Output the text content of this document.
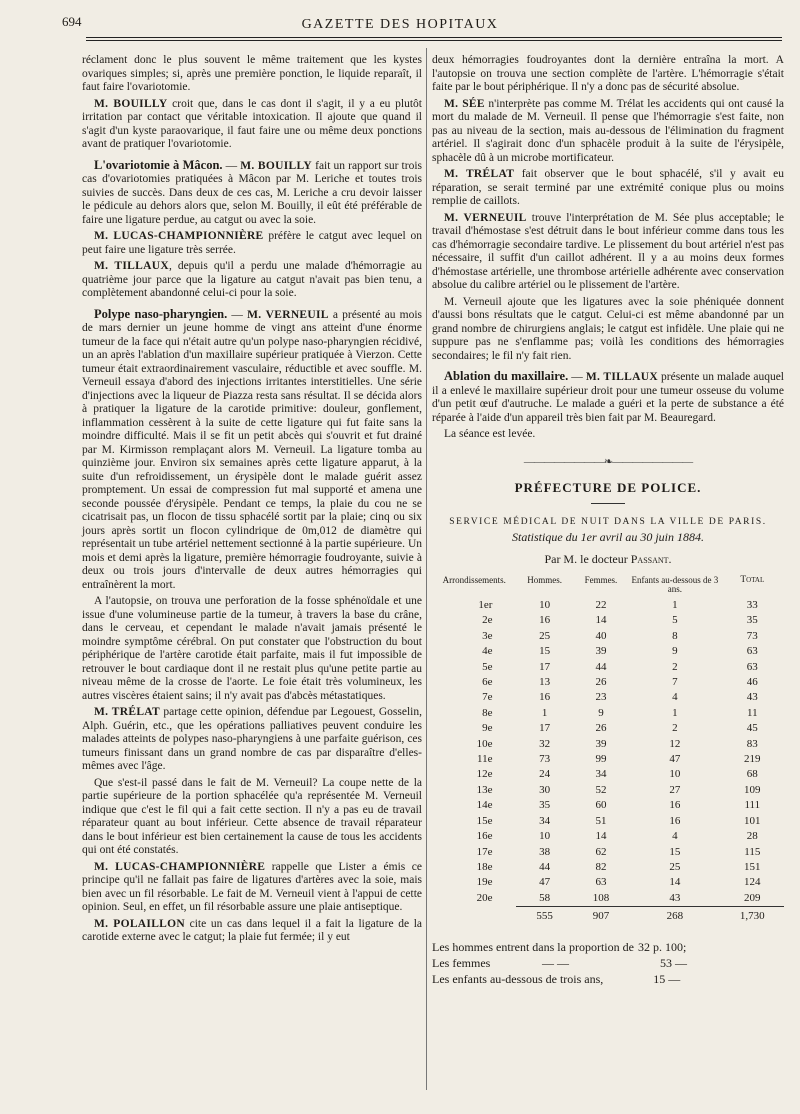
694	GAZETTE DES HOPITAUX

réclament donc le plus souvent le même traitement que les kystes ovariques simples; si, après une première ponction, le liquide reparaît, il faut faire l'ovariotomie.

M. BOUILLY croit que, dans le cas dont il s'agit, il y a eu plutôt irritation par contact que véritable intoxication. Il ajoute que quand il s'agit d'un kyste paraovarique, il faut faire une ou même deux ponctions avant de pratiquer l'ovariotomie.

L'ovariotomie à Mâcon. — M. BOUILLY fait un rapport sur trois cas d'ovariotomies pratiquées à Mâcon par M. Leriche et toutes trois suivies de succès. Dans deux de ces cas, M. Leriche a cru devoir laisser le pédicule au dehors alors que, selon M. Bouilly, il eût été préférable de faire une ligature perdue, au catgut ou avec la soie.

M. LUCAS-CHAMPIONNIÈRE préfère le catgut avec lequel on peut faire une ligature très serrée.

M. TILLAUX, depuis qu'il a perdu une malade d'hémorragie au quatrième jour parce que la ligature au catgut n'avait pas bien tenu, a complètement abandonné celui-ci pour la soie.

Polype naso-pharyngien. — M. VERNEUIL a présenté au mois de mars dernier un jeune homme de vingt ans atteint d'une énorme tumeur de la face qui n'était autre qu'un polype naso-pharyngien récidivé, un an après l'ablation d'un maxillaire supérieur pratiquée à Vierzon. Cette tumeur était extraordinairement vasculaire, réductible et avec souffle. M. Verneuil essaya d'abord des injections irritantes interstitielles. Une série d'injections avec la liqueur de Piazza resta sans résultat. Il se décida alors à pratiquer la ligature de la carotide primitive: douleur, gonflement, inflammation cessèrent à la suite de cette ligature qui fut faite sans la moindre difficulté. Mais il se fit un petit abcès qui s'ouvrit et fut drainé par M. Kirmisson remplaçant alors M. Verneuil. La ligature tomba au quinzième jour. Environ six semaines après cette ligature apparut, à la suite d'un refroidissement, un érysipèle dont le malade guérit assez promptement. Un essai de compression fut mal supporté et amena une seconde poussée d'érysipèle. Pendant ce temps, la plaie du cou ne se cicatrisait pas, un flocon de tissu sphacélé sortit par la plaie; cinq ou six jours après sortit un flocon cylindrique de 0m,012 de diamètre qui représentait un tube artériel nettement sectionné à la partie supérieure. Un mois et demi après la ligature, première hémorragie foudroyante, suivie à deux ou trois jours d'intervalle de deux autres hémorragies qui entraînèrent la mort.

A l'autopsie, on trouva une perforation de la fosse sphénoïdale et une issue d'une volumineuse partie de la tumeur, à travers la base du crâne, dans le cerveau, et cependant le malade n'avait jamais présenté le moindre symptôme cérébral. On put constater que l'obstruction du bout périphérique de l'artère carotide était parfaite, mais il fut impossible de retrouver le bout cardiaque dont il ne restait plus qu'une petite partie au niveau même de la crosse de l'aorte. Le foie était très volumineux, les autres viscères étaient sains; il n'y avait pas d'abcès métastatiques.

M. TRÉLAT partage cette opinion, défendue par Legouest, Gosselin, Alph. Guérin, etc., que les opérations palliatives peuvent conduire les malades atteints de polypes naso-pharyngiens à une parfaite guérison, ces tumeurs finissant dans un grand nombre de cas par disparaître d'elles-mêmes avec l'âge.

Que s'est-il passé dans le fait de M. Verneuil? La coupe nette de la partie supérieure de la portion sphacélée qu'a représentée M. Verneuil indique que c'est le fil qui a fait cette section. Il n'y a pas eu de travail réparateur quant au bout inférieur. Cette absence de travail réparateur dans le bout inférieur est bien certainement la cause de tous les accidents qui ont été constatés.

M. LUCAS-CHAMPIONNIÈRE rappelle que Lister a émis ce principe qu'il ne fallait pas faire de ligatures d'artères avec la soie, mais bien avec un fil résorbable. Le fait de M. Verneuil vient à l'appui de cette opinion. Seul, en effet, un fil résorbable assure une plaie antiseptique.

M. POLAILLON cite un cas dans lequel il a fait la ligature de la carotide externe avec le catgut; la plaie fut fermée; il y eut

deux hémorragies foudroyantes dont la dernière entraîna la mort. A l'autopsie on trouva une section complète de l'artère. L'hémorragie s'était faite par le bout périphérique. Il n'y a donc pas de sécurité absolue.

M. SÉE n'interprète pas comme M. Trélat les accidents qui ont causé la mort du malade de M. Verneuil. Il pense que l'hémorragie s'est faite, non pas au niveau de la section, mais au-dessous de l'élimination du fragment artériel. Il s'agirait donc d'un sphacèle produit à la suite de l'érysipèle, sphacèle dû à un microbe mortificateur.

M. TRÉLAT fait observer que le bout sphacélé, s'il y avait eu réparation, se serait terminé par une extrémité conique plus ou moins remplie de caillots.

M. VERNEUIL trouve l'interprétation de M. Sée plus acceptable; le travail d'hémostase s'est détruit dans le bout inférieur comme dans tous les cas d'hémorragie secondaire tardive. Le plissement du bout artériel n'est pas nécessaire, il suffit d'un caillot adhérent. Il y a au moins deux formes d'hémostase artérielle, une thrombose artérielle adhérente avec conservation absolue du calibre artériel ou le plissement de l'artère.

M. Verneuil ajoute que les ligatures avec la soie phéniquée donnent d'aussi bons résultats que le catgut. Celui-ci est même abandonné par un grand nombre de chirurgiens anglais; le catgut est infidèle. Une plaie qui ne suppure pas ne s'enflamme pas; voilà les conditions des hémorragies secondaires; le fil n'y fait rien.

Ablation du maxillaire. — M. TILLAUX présente un malade auquel il a enlevé le maxillaire supérieur droit pour une tumeur osseuse du volume d'un petit œuf d'autruche. Le malade a guéri et la perte de substance a été réparée à l'aide d'un appareil très bien fait par M. Beauregard.

La séance est levée.

————————❧————————
PRÉFECTURE DE POLICE.
SERVICE MÉDICAL DE NUIT DANS LA VILLE DE PARIS.
Statistique du 1er avril au 30 juin 1884.
Par M. le docteur Passant.
Arrondissements.	Hommes.	Femmes.	Enfants au-dessous de 3 ans.	Total
1er	10	22	1	33
2e	16	14	5	35
3e	25	40	8	73
4e	15	39	9	63
5e	17	44	2	63
6e	13	26	7	46
7e	16	23	4	43
8e	1	9	1	11
9e	17	26	2	45
10e	32	39	12	83
11e	73	99	47	219
12e	24	34	10	68
13e	30	52	27	109
14e	35	60	16	111
15e	34	51	16	101
16e	10	14	4	28
17e	38	62	15	115
18e	44	82	25	151
19e	47	63	14	124
20e	58	108	43	209
	555	907	268	1,730
Les hommes entrent dans la proportion de 32 p. 100;
Les femmes	— —	53 —
Les enfants au-dessous de trois ans,	15 —
